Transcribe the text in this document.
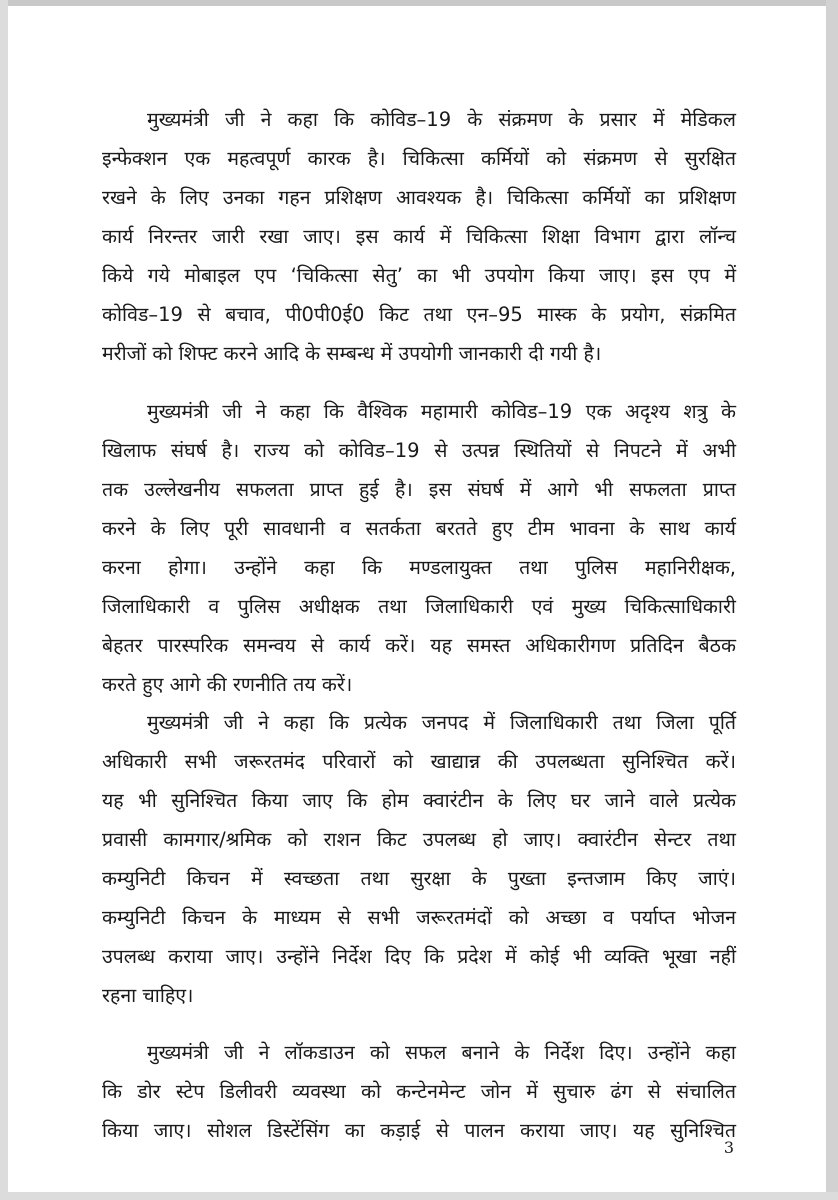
मुख्यमंत्री जी ने कहा कि कोविड–19 के संक्रमण के प्रसार में मेडिकल
इन्फेक्शन एक महत्वपूर्ण कारक है। चिकित्सा कर्मियों को संक्रमण से सुरक्षित
रखने के लिए उनका गहन प्रशिक्षण आवश्यक है। चिकित्सा कर्मियों का प्रशिक्षण
कार्य निरन्तर जारी रखा जाए। इस कार्य में चिकित्सा शिक्षा विभाग द्वारा लॉन्च
किये गये मोबाइल एप ‘चिकित्सा सेतु’ का भी उपयोग किया जाए। इस एप में
कोविड–19 से बचाव, पी0पी0ई0 किट तथा एन–95 मास्क के प्रयोग, संक्रमित
मरीजों को शिफ्ट करने आदि के सम्बन्ध में उपयोगी जानकारी दी गयी है।

मुख्यमंत्री जी ने कहा कि वैश्विक महामारी कोविड–19 एक अदृश्य शत्रु के
खिलाफ संघर्ष है। राज्य को कोविड–19 से उत्पन्न स्थितियों से निपटने में अभी
तक उल्लेखनीय सफलता प्राप्त हुई है। इस संघर्ष में आगे भी सफलता प्राप्त
करने के लिए पूरी सावधानी व सतर्कता बरतते हुए टीम भावना के साथ कार्य
करना होगा। उन्होंने कहा कि मण्डलायुक्त तथा पुलिस महानिरीक्षक,
जिलाधिकारी व पुलिस अधीक्षक तथा जिलाधिकारी एवं मुख्य चिकित्साधिकारी
बेहतर पारस्परिक समन्वय से कार्य करें। यह समस्त अधिकारीगण प्रतिदिन बैठक
करते हुए आगे की रणनीति तय करें।

मुख्यमंत्री जी ने कहा कि प्रत्येक जनपद में जिलाधिकारी तथा जिला पूर्ति
अधिकारी सभी जरूरतमंद परिवारों को खाद्यान्न की उपलब्धता सुनिश्चित करें।
यह भी सुनिश्चित किया जाए कि होम क्वारंटीन के लिए घर जाने वाले प्रत्येक
प्रवासी कामगार/श्रमिक को राशन किट उपलब्ध हो जाए। क्वारंटीन सेन्टर तथा
कम्युनिटी किचन में स्वच्छता तथा सुरक्षा के पुख्ता इन्तजाम किए जाएं।
कम्युनिटी किचन के माध्यम से सभी जरूरतमंदों को अच्छा व पर्याप्त भोजन
उपलब्ध कराया जाए। उन्होंने निर्देश दिए कि प्रदेश में कोई भी व्यक्ति भूखा नहीं
रहना चाहिए।

मुख्यमंत्री जी ने लॉकडाउन को सफल बनाने के निर्देश दिए। उन्होंने कहा
कि डोर स्टेप डिलीवरी व्यवस्था को कन्टेनमेन्ट जोन में सुचारु ढंग से संचालित
किया जाए। सोशल डिस्टेंसिंग का कड़ाई से पालन कराया जाए। यह सुनिश्चित

3
